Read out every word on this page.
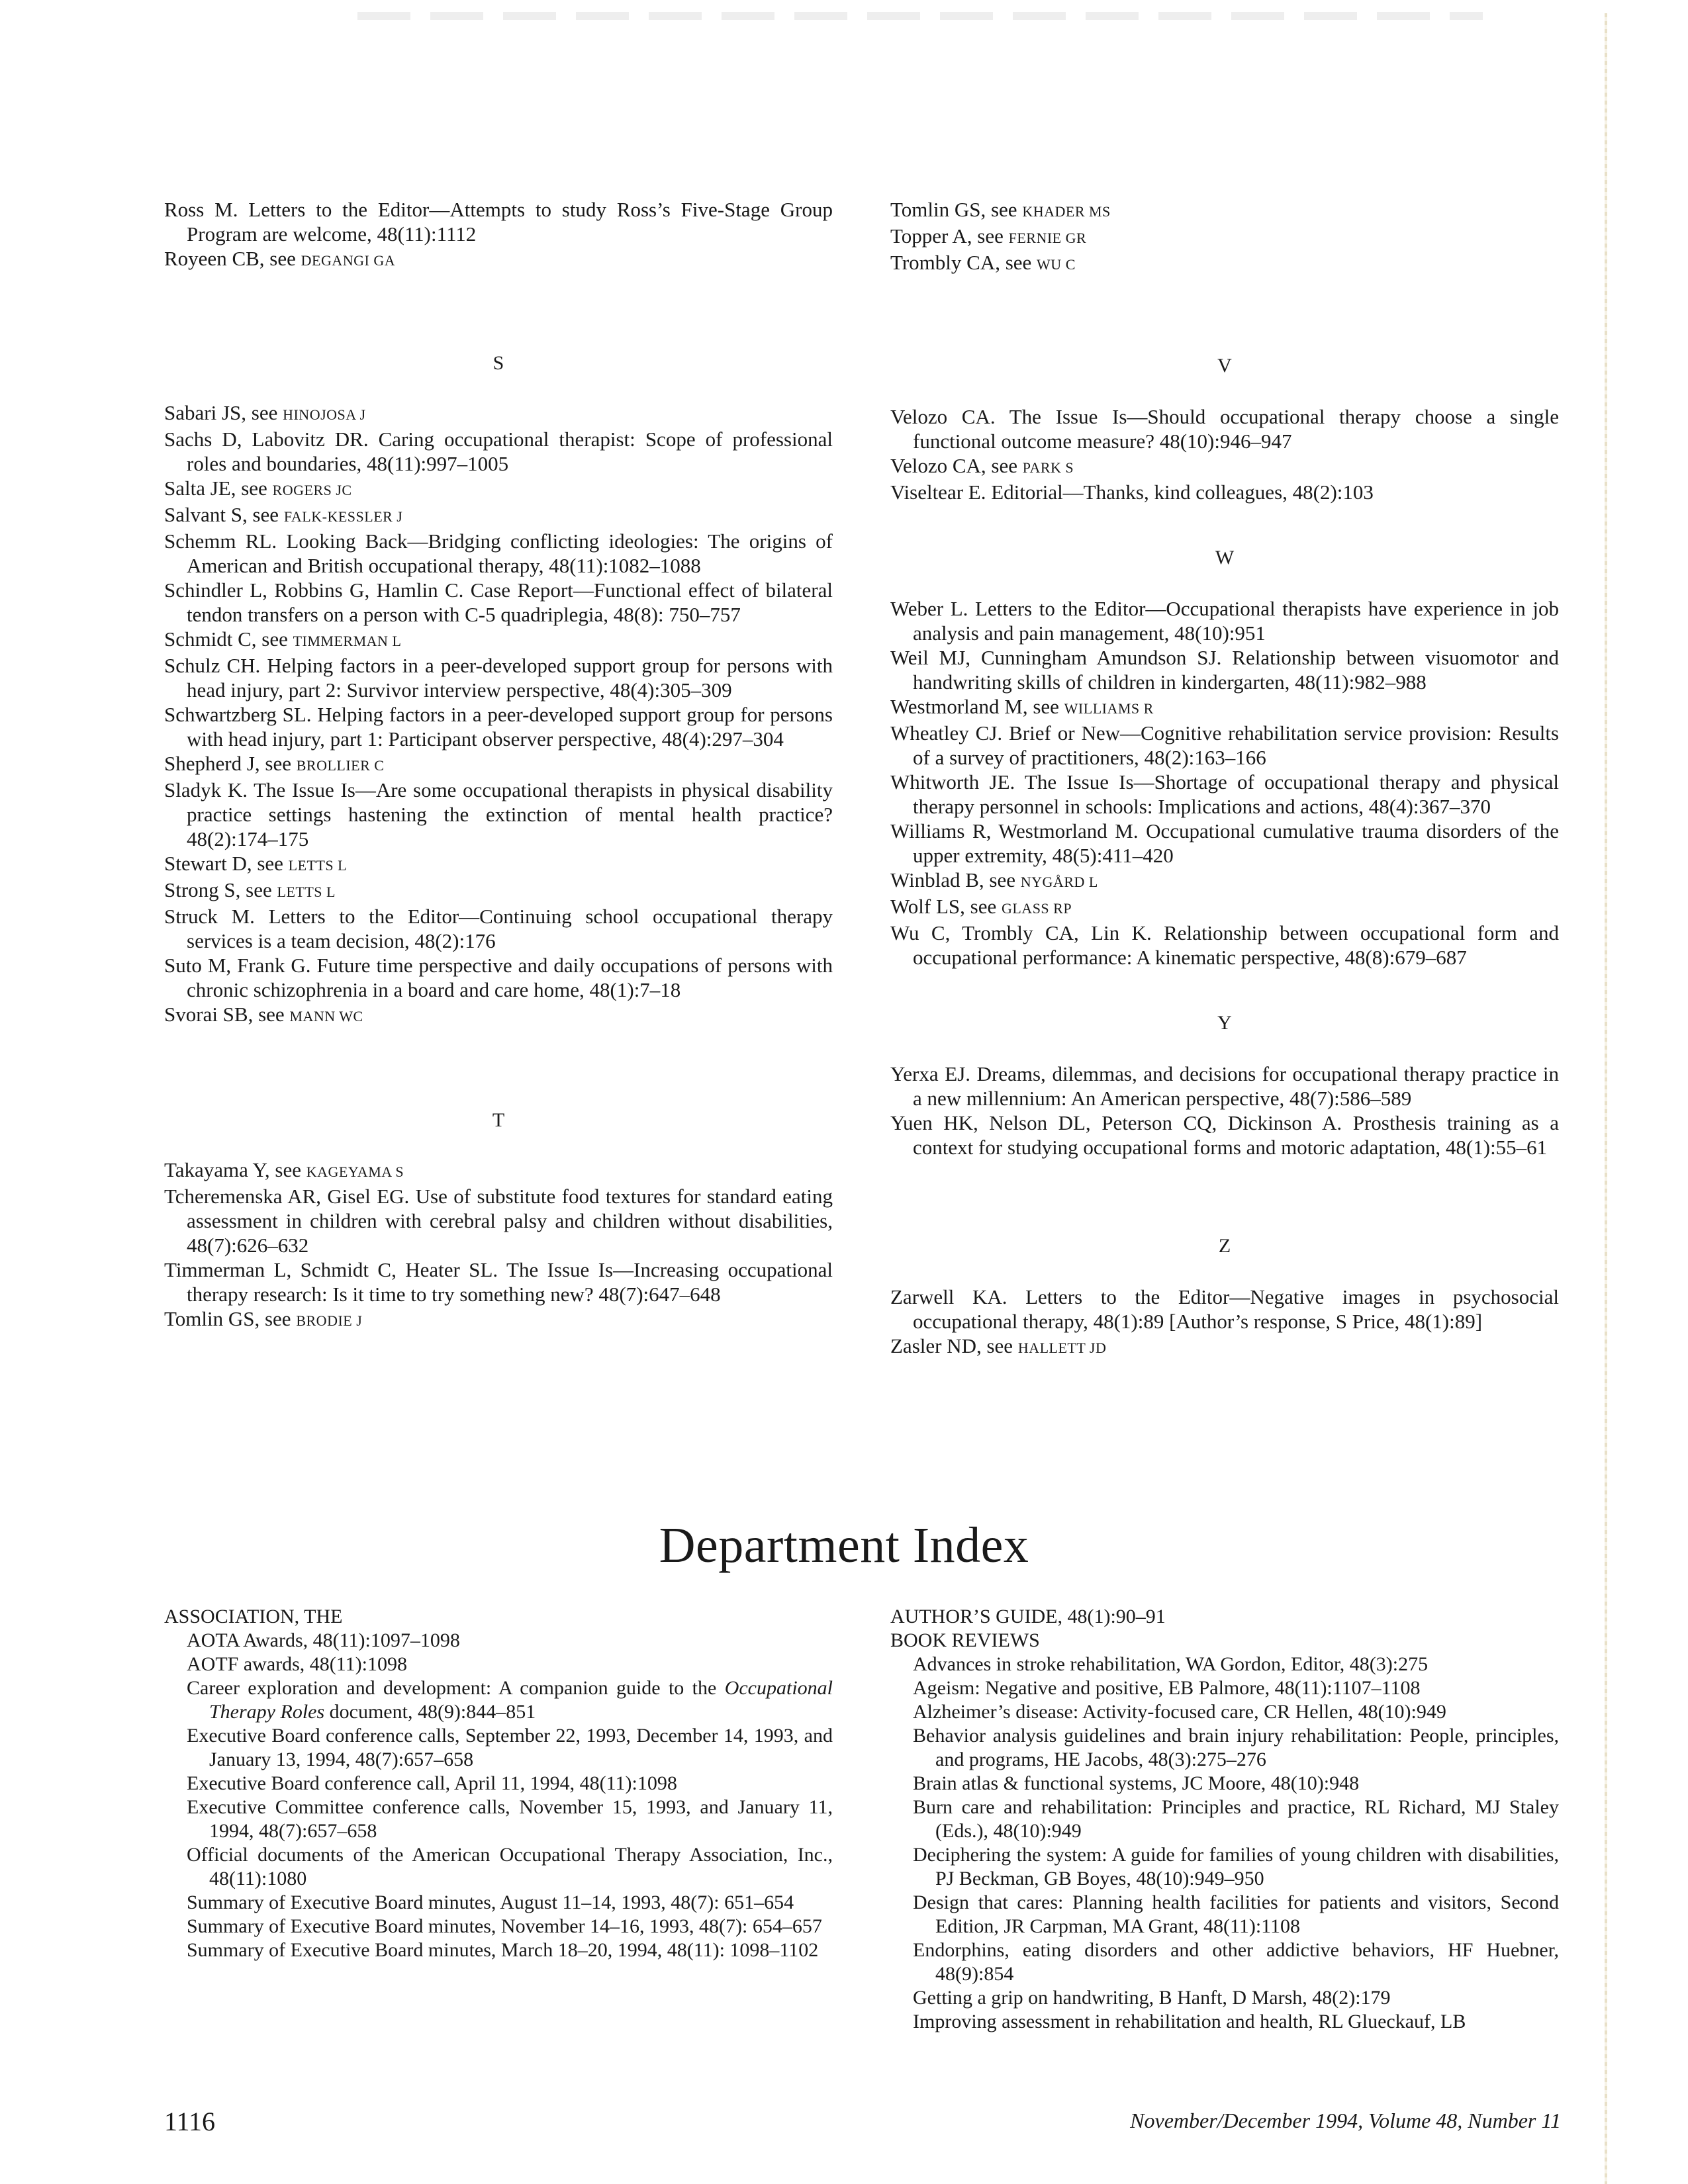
Ross M. Letters to the Editor—Attempts to study Ross’s Five-Stage Group Program are welcome, 48(11):1112

Royeen CB, see DEGANGI GA

S

Sabari JS, see HINOJOSA J

Sachs D, Labovitz DR. Caring occupational therapist: Scope of professional roles and boundaries, 48(11):997–1005

Salta JE, see ROGERS JC

Salvant S, see FALK-KESSLER J

Schemm RL. Looking Back—Bridging conflicting ideologies: The origins of American and British occupational therapy, 48(11):1082–1088

Schindler L, Robbins G, Hamlin C. Case Report—Functional effect of bilateral tendon transfers on a person with C-5 quadriplegia, 48(8): 750–757

Schmidt C, see TIMMERMAN L

Schulz CH. Helping factors in a peer-developed support group for persons with head injury, part 2: Survivor interview perspective, 48(4):305–309

Schwartzberg SL. Helping factors in a peer-developed support group for persons with head injury, part 1: Participant observer perspective, 48(4):297–304

Shepherd J, see BROLLIER C

Sladyk K. The Issue Is—Are some occupational therapists in physical disability practice settings hastening the extinction of mental health practice? 48(2):174–175

Stewart D, see LETTS L

Strong S, see LETTS L

Struck M. Letters to the Editor—Continuing school occupational therapy services is a team decision, 48(2):176

Suto M, Frank G. Future time perspective and daily occupations of persons with chronic schizophrenia in a board and care home, 48(1):7–18

Svorai SB, see MANN WC

T

Takayama Y, see KAGEYAMA S

Tcheremenska AR, Gisel EG. Use of substitute food textures for standard eating assessment in children with cerebral palsy and children without disabilities, 48(7):626–632

Timmerman L, Schmidt C, Heater SL. The Issue Is—Increasing occupational therapy research: Is it time to try something new? 48(7):647–648

Tomlin GS, see BRODIE J

Tomlin GS, see KHADER MS

Topper A, see FERNIE GR

Trombly CA, see WU C

V

Velozo CA. The Issue Is—Should occupational therapy choose a single functional outcome measure? 48(10):946–947

Velozo CA, see PARK S

Viseltear E. Editorial—Thanks, kind colleagues, 48(2):103

W

Weber L. Letters to the Editor—Occupational therapists have experience in job analysis and pain management, 48(10):951

Weil MJ, Cunningham Amundson SJ. Relationship between visuomotor and handwriting skills of children in kindergarten, 48(11):982–988

Westmorland M, see WILLIAMS R

Wheatley CJ. Brief or New—Cognitive rehabilitation service provision: Results of a survey of practitioners, 48(2):163–166

Whitworth JE. The Issue Is—Shortage of occupational therapy and physical therapy personnel in schools: Implications and actions, 48(4):367–370

Williams R, Westmorland M. Occupational cumulative trauma disorders of the upper extremity, 48(5):411–420

Winblad B, see NYGÅRD L

Wolf LS, see GLASS RP

Wu C, Trombly CA, Lin K. Relationship between occupational form and occupational performance: A kinematic perspective, 48(8):679–687

Y

Yerxa EJ. Dreams, dilemmas, and decisions for occupational therapy practice in a new millennium: An American perspective, 48(7):586–589

Yuen HK, Nelson DL, Peterson CQ, Dickinson A. Prosthesis training as a context for studying occupational forms and motoric adaptation, 48(1):55–61

Z

Zarwell KA. Letters to the Editor—Negative images in psychosocial occupational therapy, 48(1):89 [Author’s response, S Price, 48(1):89]

Zasler ND, see HALLETT JD

Department Index

ASSOCIATION, THE

AOTA Awards, 48(11):1097–1098

AOTF awards, 48(11):1098

Career exploration and development: A companion guide to the Occupational Therapy Roles document, 48(9):844–851

Executive Board conference calls, September 22, 1993, December 14, 1993, and January 13, 1994, 48(7):657–658

Executive Board conference call, April 11, 1994, 48(11):1098

Executive Committee conference calls, November 15, 1993, and January 11, 1994, 48(7):657–658

Official documents of the American Occupational Therapy Association, Inc., 48(11):1080

Summary of Executive Board minutes, August 11–14, 1993, 48(7): 651–654

Summary of Executive Board minutes, November 14–16, 1993, 48(7): 654–657

Summary of Executive Board minutes, March 18–20, 1994, 48(11): 1098–1102

AUTHOR’S GUIDE, 48(1):90–91

BOOK REVIEWS

Advances in stroke rehabilitation, WA Gordon, Editor, 48(3):275

Ageism: Negative and positive, EB Palmore, 48(11):1107–1108

Alzheimer’s disease: Activity-focused care, CR Hellen, 48(10):949

Behavior analysis guidelines and brain injury rehabilitation: People, principles, and programs, HE Jacobs, 48(3):275–276

Brain atlas & functional systems, JC Moore, 48(10):948

Burn care and rehabilitation: Principles and practice, RL Richard, MJ Staley (Eds.), 48(10):949

Deciphering the system: A guide for families of young children with disabilities, PJ Beckman, GB Boyes, 48(10):949–950

Design that cares: Planning health facilities for patients and visitors, Second Edition, JR Carpman, MA Grant, 48(11):1108

Endorphins, eating disorders and other addictive behaviors, HF Huebner, 48(9):854

Getting a grip on handwriting, B Hanft, D Marsh, 48(2):179

Improving assessment in rehabilitation and health, RL Glueckauf, LB

1116	November/December 1994, Volume 48, Number 11
